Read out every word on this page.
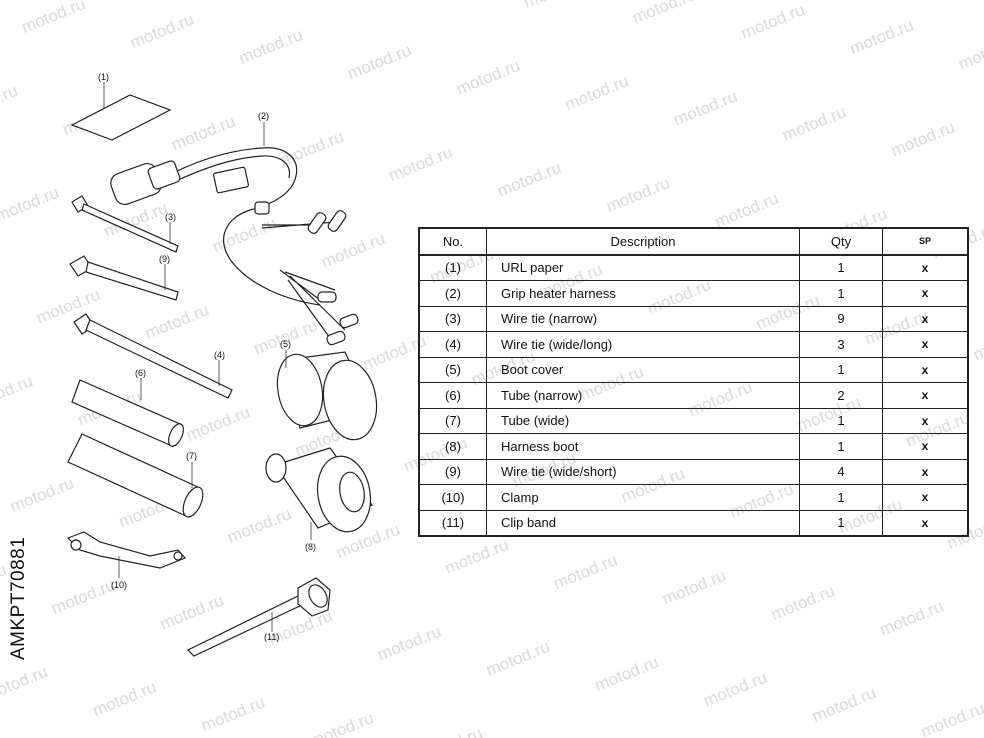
(1)
(2)
(3)
(9)
(4)
(6)
(7)
(5)
(8)
(10)
(11)
AMKPT70881
No.	Description	Qty	SP
(1)	URL paper	1	x
(2)	Grip heater harness	1	x
(3)	Wire tie (narrow)	9	x
(4)	Wire tie (wide/long)	3	x
(5)	Boot cover	1	x
(6)	Tube (narrow)	2	x
(7)	Tube (wide)	1	x
(8)	Harness boot	1	x
(9)	Wire tie (wide/short)	4	x
(10)	Clamp	1	x
(11)	Clip band	1	x
